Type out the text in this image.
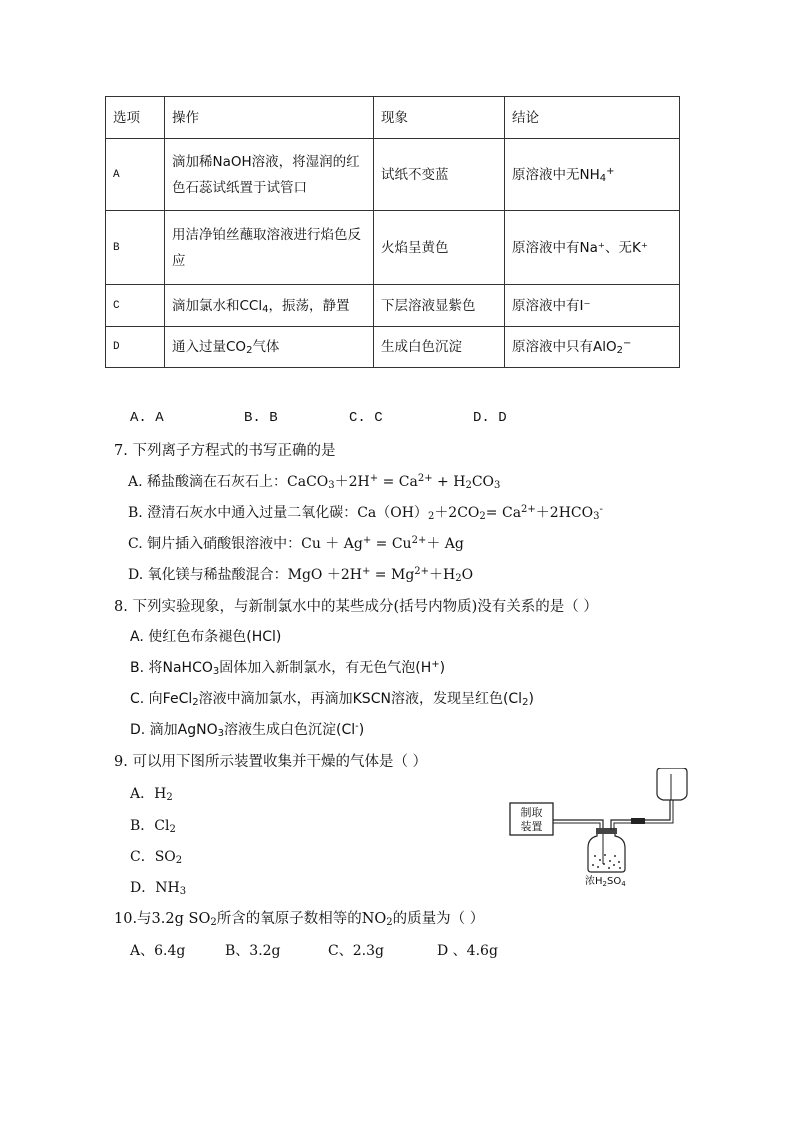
选项	操作	现象	结论
A	滴加稀NaOH溶液，将湿润的红色石蕊试纸置于试管口	试纸不变蓝	原溶液中无$NH_4^+$
B	用洁净铂丝蘸取溶液进行焰色反应	火焰呈黄色	原溶液中有Na⁺、无K⁺
C	滴加氯水和CCl$_4$，振荡，静置	下层溶液显紫色	原溶液中有I⁻
D	通入过量$CO_2$气体	生成白色沉淀	原溶液中只有AlO$_2$−
A. A	B. B	C. C	D. D
7. 下列离子方程式的书写正确的是
A. 稀盐酸滴在石灰石上：CaCO$_3$＋2H+ = $Ca^{2+} + H_2CO_3$
B. 澄清石灰水中通入过量二氧化碳：$Ca(OH)_2+2CO_2= Ca^{2+}+2HCO_3^-$
C. 铜片插入硝酸银溶液中：$Cu + Ag^+ = Cu^{2+}+ Ag$
D. 氧化镁与稀盐酸混合：MgO $+2H^+ = Mg^{2+}+H_2O$
8. 下列实验现象，与新制氯水中的某些成分(括号内物质)没有关系的是（ ）
A. 使红色布条褪色(HCl)
B. 将NaHCO$_3$固体加入新制氯水，有无色气泡(H+)
C. 向FeCl$_2$溶液中滴加氯水，再滴加KSCN溶液，发现呈红色$(Cl_2)$
D. 滴加AgNO$_3$溶液生成白色沉淀(Cl-)
9. 可以用下图所示装置收集并干燥的气体是（ ）
A．$H_2$
B．$Cl_2$
C．$SO_2$
D．$NH_3$
制取
装置
浓$H_2SO_4$
10.与3.2g $SO_2$所含的氧原子数相等的$NO_2$的质量为（ ）
A、6.4g	B、3.2g	C、2.3g	D 、4.6g
